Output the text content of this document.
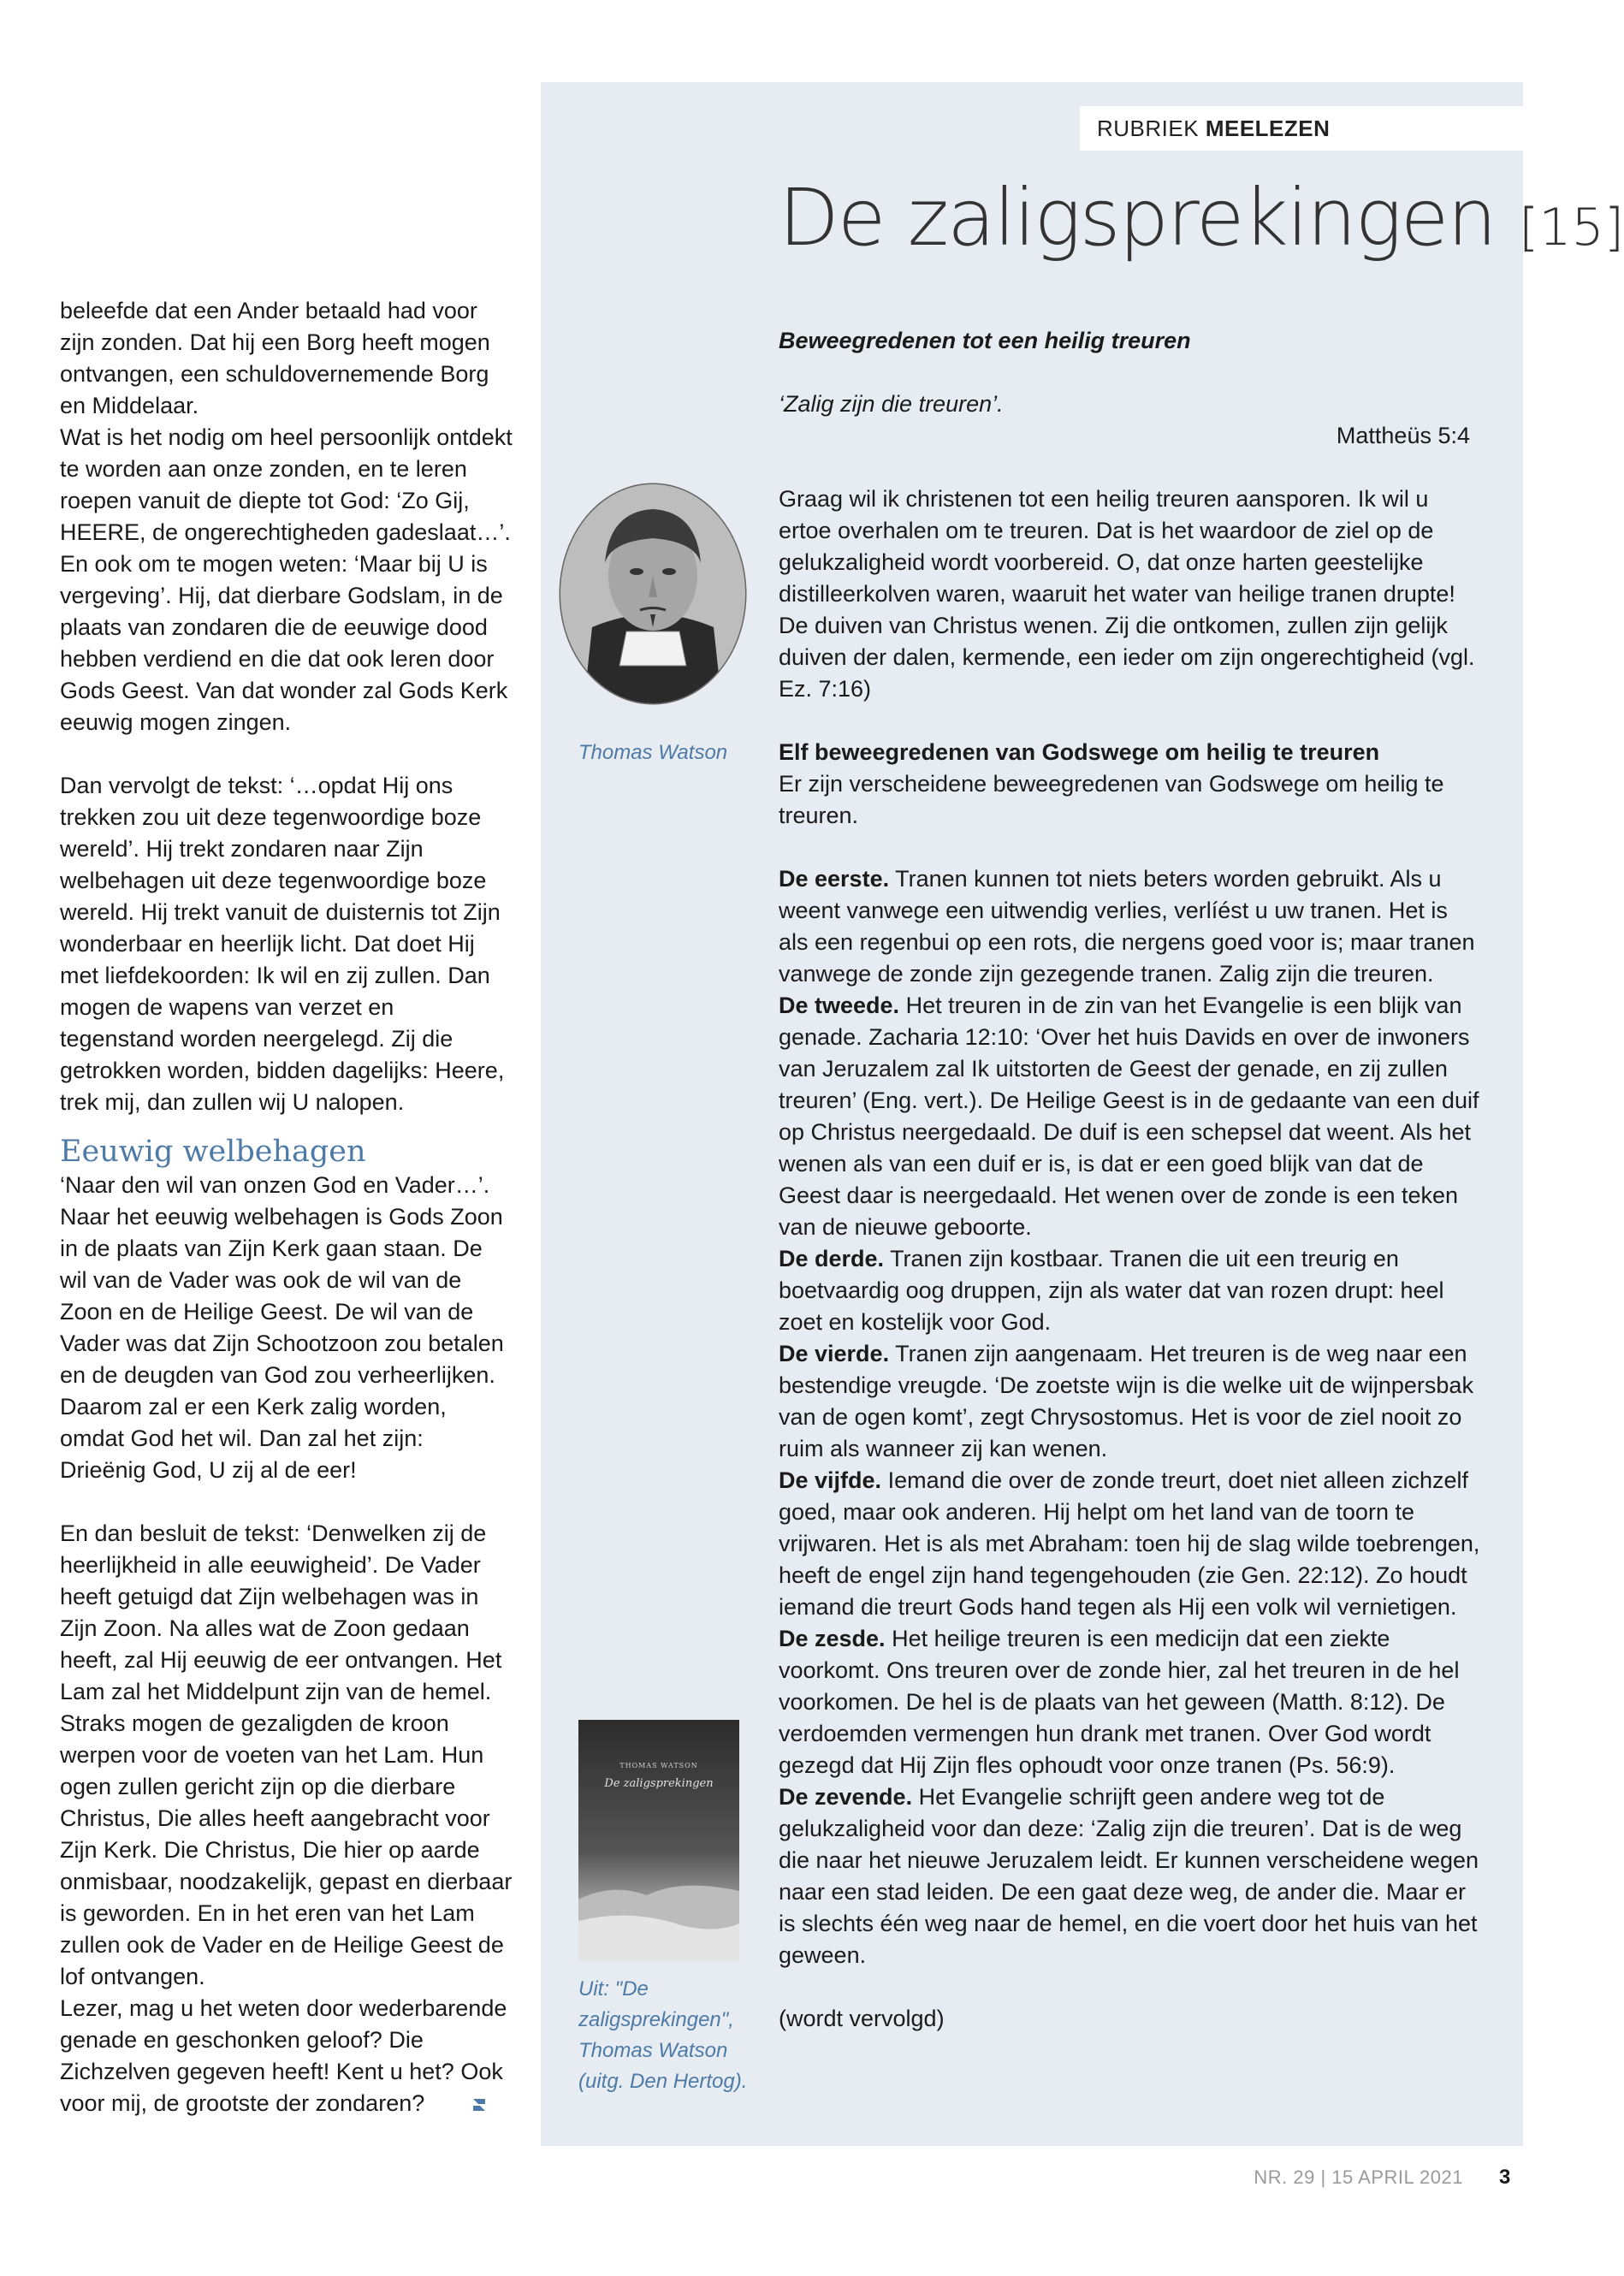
RUBRIEK MEELEZEN
De zaligsprekingen [15]

beleefde dat een Ander betaald had voor zijn zonden. Dat hij een Borg heeft mogen ontvangen, een schuldovernemende Borg en Middelaar.

Wat is het nodig om heel persoonlijk ontdekt te worden aan onze zonden, en te leren roepen vanuit de diepte tot God: ‘Zo Gij, HEERE, de ongerechtigheden gadeslaat…’. En ook om te mogen weten: ‘Maar bij U is vergeving’. Hij, dat dierbare Godslam, in de plaats van zondaren die de eeuwige dood hebben verdiend en die dat ook leren door Gods Geest. Van dat wonder zal Gods Kerk eeuwig mogen zingen.

Dan vervolgt de tekst: ‘…opdat Hij ons trekken zou uit deze tegenwoordige boze wereld’. Hij trekt zondaren naar Zijn welbehagen uit deze tegenwoordige boze wereld. Hij trekt vanuit de duisternis tot Zijn wonderbaar en heerlijk licht. Dat doet Hij met liefdekoorden: Ik wil en zij zullen. Dan mogen de wapens van verzet en tegenstand worden neergelegd. Zij die getrokken worden, bidden dagelijks: Heere, trek mij, dan zullen wij U nalopen.

Eeuwig welbehagen

‘Naar den wil van onzen God en Vader…’. Naar het eeuwig welbehagen is Gods Zoon in de plaats van Zijn Kerk gaan staan. De wil van de Vader was ook de wil van de Zoon en de Heilige Geest. De wil van de Vader was dat Zijn Schootzoon zou betalen en de deugden van God zou verheerlijken. Daarom zal er een Kerk zalig worden, omdat God het wil. Dan zal het zijn: Drieënig God, U zij al de eer!

En dan besluit de tekst: ‘Denwelken zij de heerlijkheid in alle eeuwigheid’. De Vader heeft getuigd dat Zijn welbehagen was in Zijn Zoon. Na alles wat de Zoon gedaan heeft, zal Hij eeuwig de eer ontvangen. Het Lam zal het Middelpunt zijn van de hemel. Straks mogen de gezaligden de kroon werpen voor de voeten van het Lam. Hun ogen zullen gericht zijn op die dierbare Christus, Die alles heeft aangebracht voor Zijn Kerk. Die Christus, Die hier op aarde onmisbaar, noodzakelijk, gepast en dierbaar is geworden. En in het eren van het Lam zullen ook de Vader en de Heilige Geest de lof ontvangen.

Lezer, mag u het weten door wederbarende genade en geschonken geloof? Die Zichzelven gegeven heeft! Kent u het? Ook voor mij, de grootste der zondaren?

Thomas Watson
THOMAS WATSON
De zaligsprekingen
Uit: "De zaligsprekingen", Thomas Watson (uitg. Den Hertog).

Beweegredenen tot een heilig treuren

‘Zalig zijn die treuren’.

Mattheüs 5:4

Graag wil ik christenen tot een heilig treuren aansporen. Ik wil u ertoe overhalen om te treuren. Dat is het waardoor de ziel op de gelukzaligheid wordt voorbereid. O, dat onze harten geestelijke distilleerkolven waren, waaruit het water van heilige tranen drupte! De duiven van Christus wenen. Zij die ontkomen, zullen zijn gelijk duiven der dalen, kermende, een ieder om zijn ongerechtigheid (vgl. Ez. 7:16)

Elf beweegredenen van Godswege om heilig te treuren

Er zijn verscheidene beweegredenen van Godswege om heilig te treuren.

De eerste. Tranen kunnen tot niets beters worden gebruikt. Als u weent vanwege een uitwendig verlies, verlíést u uw tranen. Het is als een regenbui op een rots, die nergens goed voor is; maar tranen vanwege de zonde zijn gezegende tranen. Zalig zijn die treuren.

De tweede. Het treuren in de zin van het Evangelie is een blijk van genade. Zacharia 12:10: ‘Over het huis Davids en over de inwoners van Jeruzalem zal Ik uitstorten de Geest der genade, en zij zullen treuren’ (Eng. vert.). De Heilige Geest is in de gedaante van een duif op Christus neergedaald. De duif is een schepsel dat weent. Als het wenen als van een duif er is, is dat er een goed blijk van dat de Geest daar is neergedaald. Het wenen over de zonde is een teken van de nieuwe geboorte.

De derde. Tranen zijn kostbaar. Tranen die uit een treurig en boetvaardig oog druppen, zijn als water dat van rozen drupt: heel zoet en kostelijk voor God.

De vierde. Tranen zijn aangenaam. Het treuren is de weg naar een bestendige vreugde. ‘De zoetste wijn is die welke uit de wijnpersbak van de ogen komt’, zegt Chrysostomus. Het is voor de ziel nooit zo ruim als wanneer zij kan wenen.

De vijfde. Iemand die over de zonde treurt, doet niet alleen zichzelf goed, maar ook anderen. Hij helpt om het land van de toorn te vrijwaren. Het is als met Abraham: toen hij de slag wilde toebrengen, heeft de engel zijn hand tegengehouden (zie Gen. 22:12). Zo houdt iemand die treurt Gods hand tegen als Hij een volk wil vernietigen.

De zesde. Het heilige treuren is een medicijn dat een ziekte voorkomt. Ons treuren over de zonde hier, zal het treuren in de hel voorkomen. De hel is de plaats van het geween (Matth. 8:12). De verdoemden vermengen hun drank met tranen. Over God wordt gezegd dat Hij Zijn fles ophoudt voor onze tranen (Ps. 56:9).

De zevende. Het Evangelie schrijft geen andere weg tot de gelukzaligheid voor dan deze: ‘Zalig zijn die treuren’. Dat is de weg die naar het nieuwe Jeruzalem leidt. Er kunnen verscheidene wegen naar een stad leiden. De een gaat deze weg, de ander die. Maar er is slechts één weg naar de hemel, en die voert door het huis van het geween.

(wordt vervolgd)

NR. 29 | 15 APRIL 2021 3
